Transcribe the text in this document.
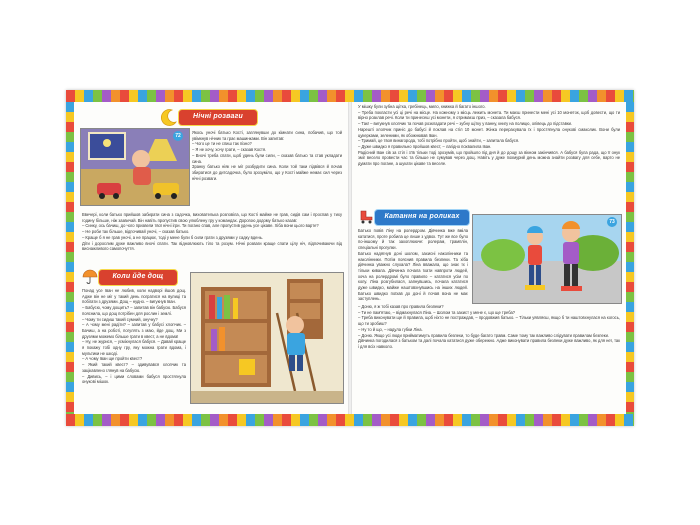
Нічні розваги
72

Якось уночі батько Кості, заглянувши до кімнати сина, побачив, що той увімкнув нічник та грає машинками. Він запитав:

– Чого це ти не спиш так пізно?

– Я не хочу, хочу грати, – сказав Костя.

– Вночі треба спати, щоб удень були сили, – сказав батько та став укладати сина.

Зранку батько ніяк не міг розбудити сина. Коли той таки підвівся й почав збиратися до дитсадочка, було зрозуміло, що у Кості майже немає сил через нічні розваги.

Ввечері, коли батько прийшов забирати сина з садочка, вихователька розповіла, що Кості майже не грав, сидів сам і проспав у тиху годину більше, ніж зазвичай. Він навіть пропустив свою улюблену гру у командах. Дорогою додому батько казав:

– Синку, ось бачиш, до чого призвели твої нічні ігри. Ти погано спав, але пропустив удень усе цікаве. Хіба вони цього варте?

– Не роби так більше, відпочивай уночі, – сказав батько.

– Краще б я не грав уночі, а не працює, тоді у мене були б сили грати з друзями у садку вдень.

Діти і дорослим дуже важливо вночі спати. Так відновлюють тіло та розум. Нічні розваги краще спати цілу ніч, відпочиваючи від виснажливого самопочуття.

Коли йде дощ

Понад усе Іван не любив, коли надворі йшов дощ. Адже він не міг у такий день погратися на вулиці та побігати з друзями. Дощ – нудно. – вигукнув Іван.

– Бабусю, чому дощить? – запитав він бабусю. Бабуся пояснила, що дощ потрібен для рослин і землі.

– Чому ти сидиш такий сумний, онучку?

– А чому мені радіти? – запитав у бабусі хлопчик. – Бачиш, а на роботі, погулять з маю, йде дощ. Ми з друзями можемо більше грати в квест, а не вдома!

– Ну, не журися, – усміхнулася бабуся. – Давай краще я покажу тобі одну гру, яку можна грати вдома, і мультики не шкоді.

– А чому Іван ще пройти квест?

– Який такий квест? – здивувався хлопчик та зацікавлено глянув на бабусю.

– Дивись, – і цими словами бабуся простягнула онукові мішок.

У мішку були зубна щітка, гребінець, мило, книжка й багато іншого.

– Треба покласти усі ці речі на місце. На кожному з місць лежить монета. Ти маєш принести мені усі 10 монеток, щоб довести, що ти вірно розклав речі. Коли ти принесеш усі монети, я отримаєш приз, – сказала бабуся.

– Так! – вигукнув хлопчик та почав розкладати речі – зубну щітку у ванну, книгу на полицю, олівець до підставки.

Нарешті хлопчик приніс до бабусі й поклав на стіл 10 монет. Жінка перерахувала їх і простягнула онукові смаколик. Вони були цукерками, зеленими, як обожнював Іван.

– Тримай, це твоя винагорода, тобі потрібно пройти, щоб знайти, – запитала бабуся.

– Дуже швидко я правильно пройшов квест, – лагідно похвалила Іван.

Радісний Іван сів за стіл і з'їв тільки тоді зрозумів, що пройшло під дня й до дощу за вікном закінчився. А бабуся була рада, що її онук зміг весело провести час та більше не сумував через дощ. Навіть у дуже похмурий день можна знайти розвагу для себе, варто не думати про погане, а шукати цікаве та веселе.

Катання на роликах

Батько повів Ліну на ролердром. Дівчинка вже вміла кататися, проте робила це лише з удвох. Тут же все було по-іншому й так захоплююче: ролерам, трамплін, спеціальні прогулки.

Батько надягнув доні шолом, захисні наколінники та наколінники. Потім пояснив правила безпеки. Та хіба дівчинка уважно слухала? Ліна вважала, що знає їх і тільки кивала. Дівчинка почала їхати навпроти людей, хоча на ролердромі було правило – кататися усім по колу. Ліна розгубилася, запнувшись, почала кататися дуже швидко, майже наштовхнувшись на інших людей. Батько швидко поїхав до доні й почав вона не має заступлень.

73

– Доню, я ж тобі казав про правила безпеки?

– Ти не пам'ятаю, – відмахнулася Ліна. – Шолом та захист у мене є, що ще треба?

– Треба виконувати ще й правила, щоб ніхто не постраждав, – продовжив батько. – Тільки уявляєш, якщо б ти наштовхнулася на когось, що ти зробиш?

– Ну то й що, – надула губки Ліна.

– Доню. Якщо усі люди прийматимуть правила безпеки, то буде багато травм. Саме тому так важливо слідувати правилам безпеки.

Дівчинка погодилася з батьком та далі почала кататися дуже обережно. Адже виконувати правила безпеки дуже важливо, як для неї, так і для всіх навколо.
